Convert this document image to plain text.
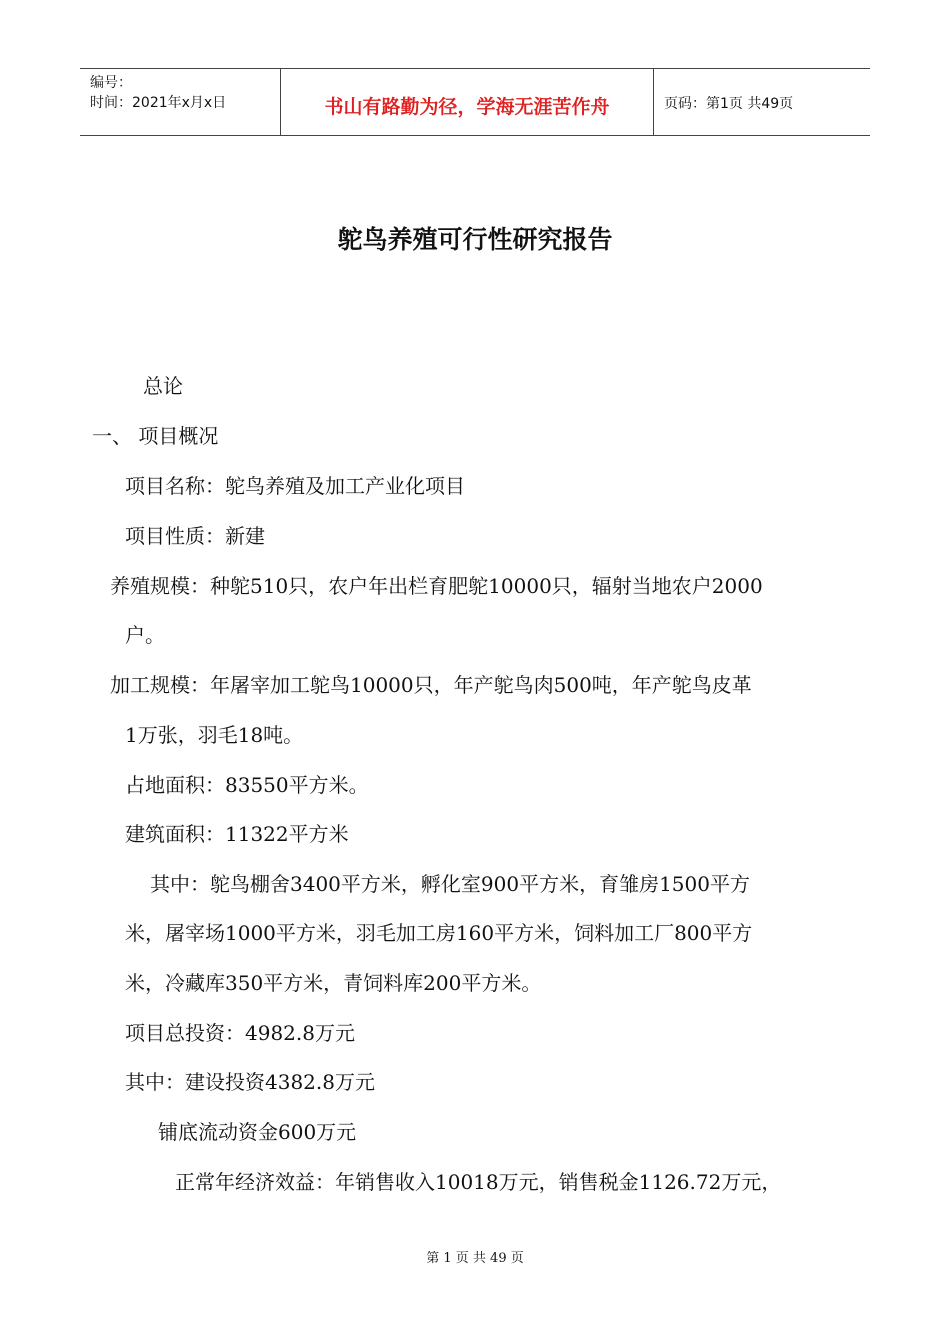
编号：
时间：2021年x月x日	书山有路勤为径，学海无涯苦作舟	页码：第1页 共49页
鸵鸟养殖可行性研究报告
总论
一、 项目概况
项目名称：鸵鸟养殖及加工产业化项目
项目性质：新建
养殖规模：种鸵510只，农户年出栏育肥鸵10000只，辐射当地农户2000
户。
加工规模：年屠宰加工鸵鸟10000只，年产鸵鸟肉500吨，年产鸵鸟皮革
1万张，羽毛18吨。
占地面积：83550平方米。
建筑面积：11322平方米
其中：鸵鸟棚舍3400平方米，孵化室900平方米，育雏房1500平方
米，屠宰场1000平方米，羽毛加工房160平方米，饲料加工厂800平方
米，冷藏库350平方米，青饲料库200平方米。
项目总投资：4982.8万元
其中：建设投资4382.8万元
铺底流动资金600万元
正常年经济效益：年销售收入10018万元，销售税金1126.72万元，
第 1 页 共 49 页
